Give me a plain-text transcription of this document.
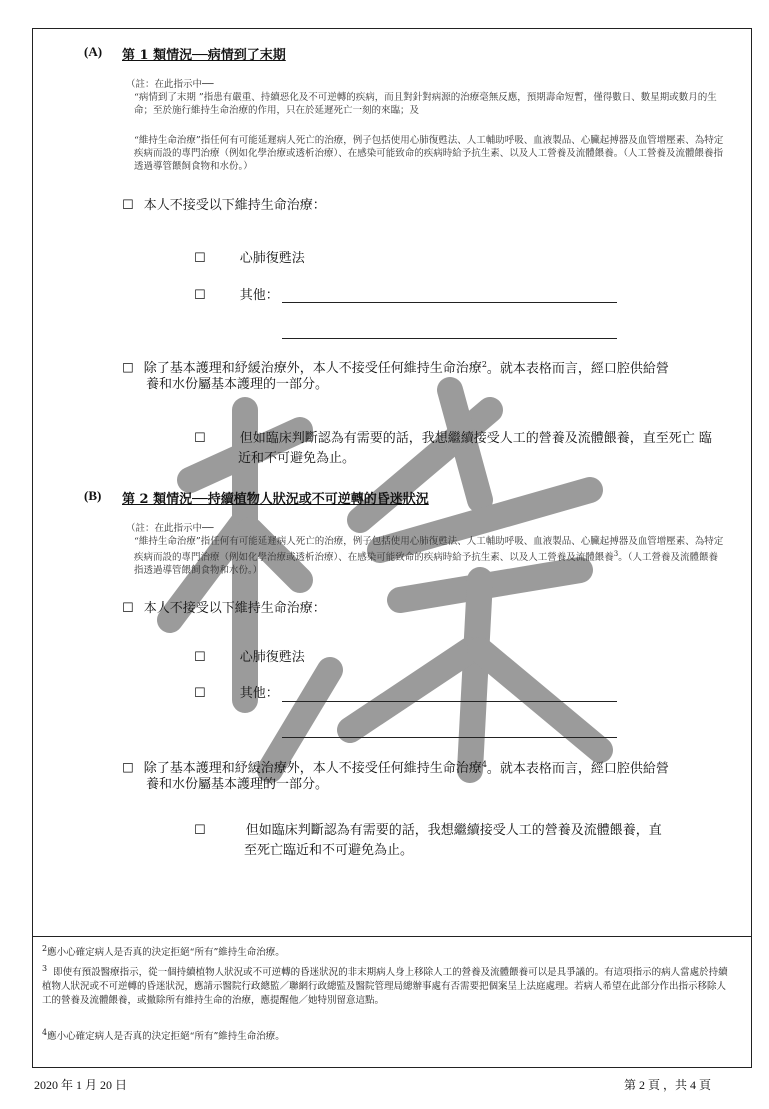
(A) 第 1 類情況──病情到了末期
（註：在此指示中──
“病情到了末期 ”指患有嚴重、持續惡化及不可逆轉的疾病，而且對針對病源的治療毫無反應，預期壽命短暫，僅得數日、數星期或數月的生命；至於施行維持生命治療的作用，只在於延遲死亡一刻的來臨；及
“維持生命治療”指任何有可能延遲病人死亡的治療，例子包括使用心肺復甦法、人工輔助呼吸、血液製品、心臟起搏器及血管增壓素、為特定疾病而設的專門治療（例如化學治療或透析治療）、在感染可能致命的疾病時給予抗生素、以及人工營養及流體餵養。（人工營養及流體餵養指透過導管餵飼食物和水份。）
☐ 本人不接受以下維持生命治療：
☐	心肺復甦法
☐	其他：
☐ 除了基本護理和紓緩治療外，本人不接受任何維持生命治療$^2$。就本表格而言，經口腔供給營
養和水份屬基本護理的一部分。
☐	但如臨床判斷認為有需要的話，我想繼續接受人工的營養及流體餵養，直至死亡 臨
近和不可避免為止。
(B) 第 2 類情況──持續植物人狀況或不可逆轉的昏迷狀況
（註：在此指示中──
“維持生命治療”指任何有可能延遲病人死亡的治療，例子包括使用心肺復甦法、人工輔助呼吸、血液製品、心臟起搏器及血管增壓素、為特定疾病而設的專門治療（例如化學治療或透析治療）、在感染可能致命的疾病時給予抗生素、以及人工營養及流體餵養$^3$。（人工營養及流體餵養指透過導管餵飼食物和水份。）
☐ 本人不接受以下維持生命治療：
☐	心肺復甦法
☐	其他：
☐ 除了基本護理和紓緩治療外，本人不接受任何維持生命治療$^4$。就本表格而言，經口腔供給營
養和水份屬基本護理的一部分。
☐	但如臨床判斷認為有需要的話，我想繼續接受人工的營養及流體餵養，直
至死亡臨近和不可避免為止。
$^2$應小心確定病人是否真的決定拒絕“所有”維持生命治療。
$^3$ 即使有預設醫療指示，從一個持續植物人狀況或不可逆轉的昏迷狀況的非末期病人身上移除人工的營養及流體餵養可以是具爭議的。有這項指示的病人當處於持續植物人狀況或不可逆轉的昏迷狀況，應請示醫院行政總監／聯網行政總監及醫院管理局總辦事處有否需要把個案呈上法庭處理。若病人希望在此部分作出指示移除人工的營養及流體餵養，或撤除所有維持生命的治療，應提醒他／她特別留意這點。
$^4$應小心確定病人是否真的決定拒絕“所有”維持生命治療。
2020 年 1 月 20 日	第 2 頁 ，共 4 頁
